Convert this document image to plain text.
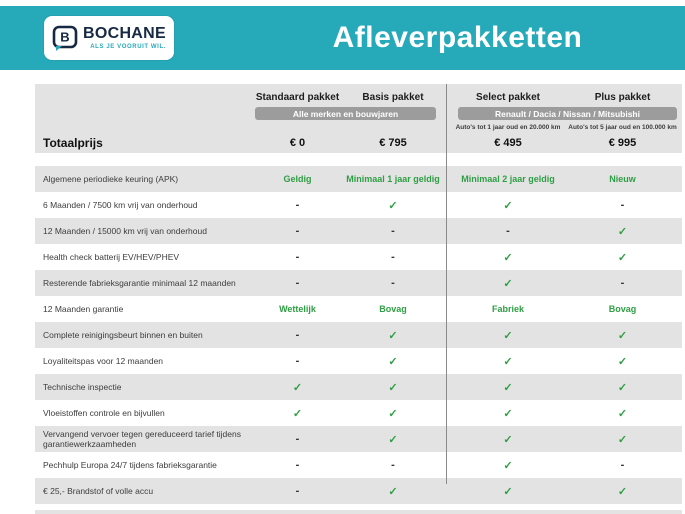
B BOCHANE
ALS JE VOORUIT WIL.	Afleverpakketten
Standaard pakket	Basis pakket	Select pakket	Plus pakket
Alle merken en bouwjaren	Renault / Dacia / Nissan / Mitsubishi
Auto's tot 1 jaar oud en 20.000 km	Auto's tot 5 jaar oud en 100.000 km
Totaalprijs	€ 0	€ 795	€ 495	€ 995
Algemene periodieke keuring (APK)	Geldig	Minimaal 1 jaar geldig	Minimaal 2 jaar geldig	Nieuw
6 Maanden / 7500 km vrij van onderhoud	-	✓	✓	-
12 Maanden / 15000 km vrij van onderhoud	-	-	-	✓
Health check batterij EV/HEV/PHEV	-	-	✓	✓
Resterende fabrieksgarantie minimaal 12 maanden	-	-	✓	-
12 Maanden garantie	Wettelijk	Bovag	Fabriek	Bovag
Complete reinigingsbeurt binnen en buiten	-	✓	✓	✓
Loyaliteitspas voor 12 maanden	-	✓	✓	✓
Technische inspectie	✓	✓	✓	✓
Vloeistoffen controle en bijvullen	✓	✓	✓	✓
Vervangend vervoer tegen gereduceerd tarief tijdens garantiewerkzaamheden	-	✓	✓	✓
Pechhulp Europa 24/7 tijdens fabrieksgarantie	-	-	✓	-
€ 25,- Brandstof of volle accu	-	✓	✓	✓
